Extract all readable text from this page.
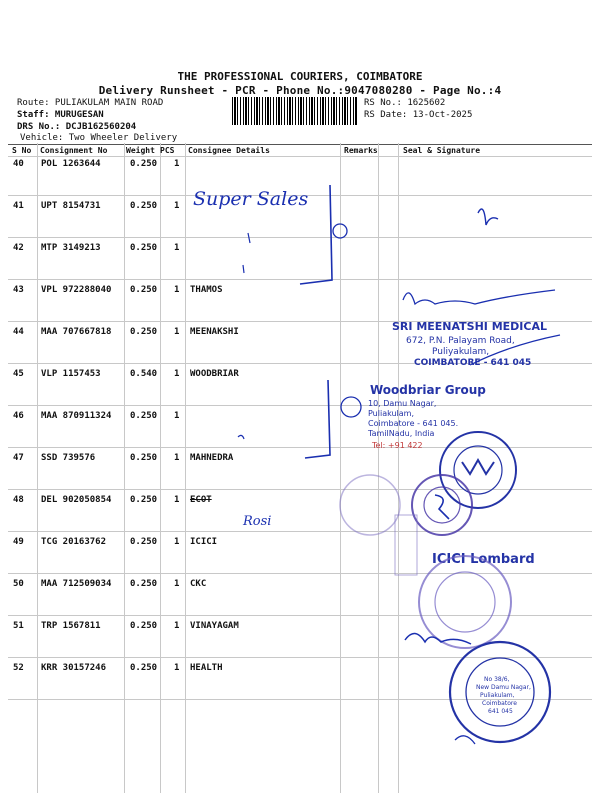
THE PROFESSIONAL COURIERS, COIMBATORE
Delivery Runsheet - PCR - Phone No.:9047080280 - Page No.:4
Route: PULIAKULAM MAIN ROAD
Staff: MURUGESAN
DRS No.: DCJB162560204
Vehicle: Two Wheeler Delivery
RS No.: 1625602
RS Date: 13-Oct-2025
S No Consignment No Weight PCS Consignee Details	Remarks	Seal & Signature
40 POL 1263644	0.250 1
41 UPT 8154731	0.250 1
42 MTP 3149213	0.250 1
43 VPL 972288040 0.250 1 THAMOS
44 MAA 707667818 0.250 1 MEENAKSHI
45 VLP 1157453	0.540 1 WOODBRIAR
46 MAA 870911324 0.250 1
47 SSD 739576	0.250 1 MAHNEDRA
48 DEL 902050854 0.250 1 ECOT
49 TCG 20163762	0.250 1 ICICI
50 MAA 712509034 0.250 1 CKC
51 TRP 1567811	0.250 1 VINAYAGAM
52 KRR 30157246	0.250 1 HEALTH
Super Sales
Rosi
SRI MEENATSHI MEDICAL
672, P.N. Palayam Road,
Puliyakulam,
COIMBATORE - 641 045
Woodbriar Group
10, Damu Nagar,
Puliakulam,
Coimbatore - 641 045.
TamilNadu, India
Tel: +91 422
ICICI Lombard
No 38/6,
New Damu Nagar,
Puliakulam,
Coimbatore
641 045
